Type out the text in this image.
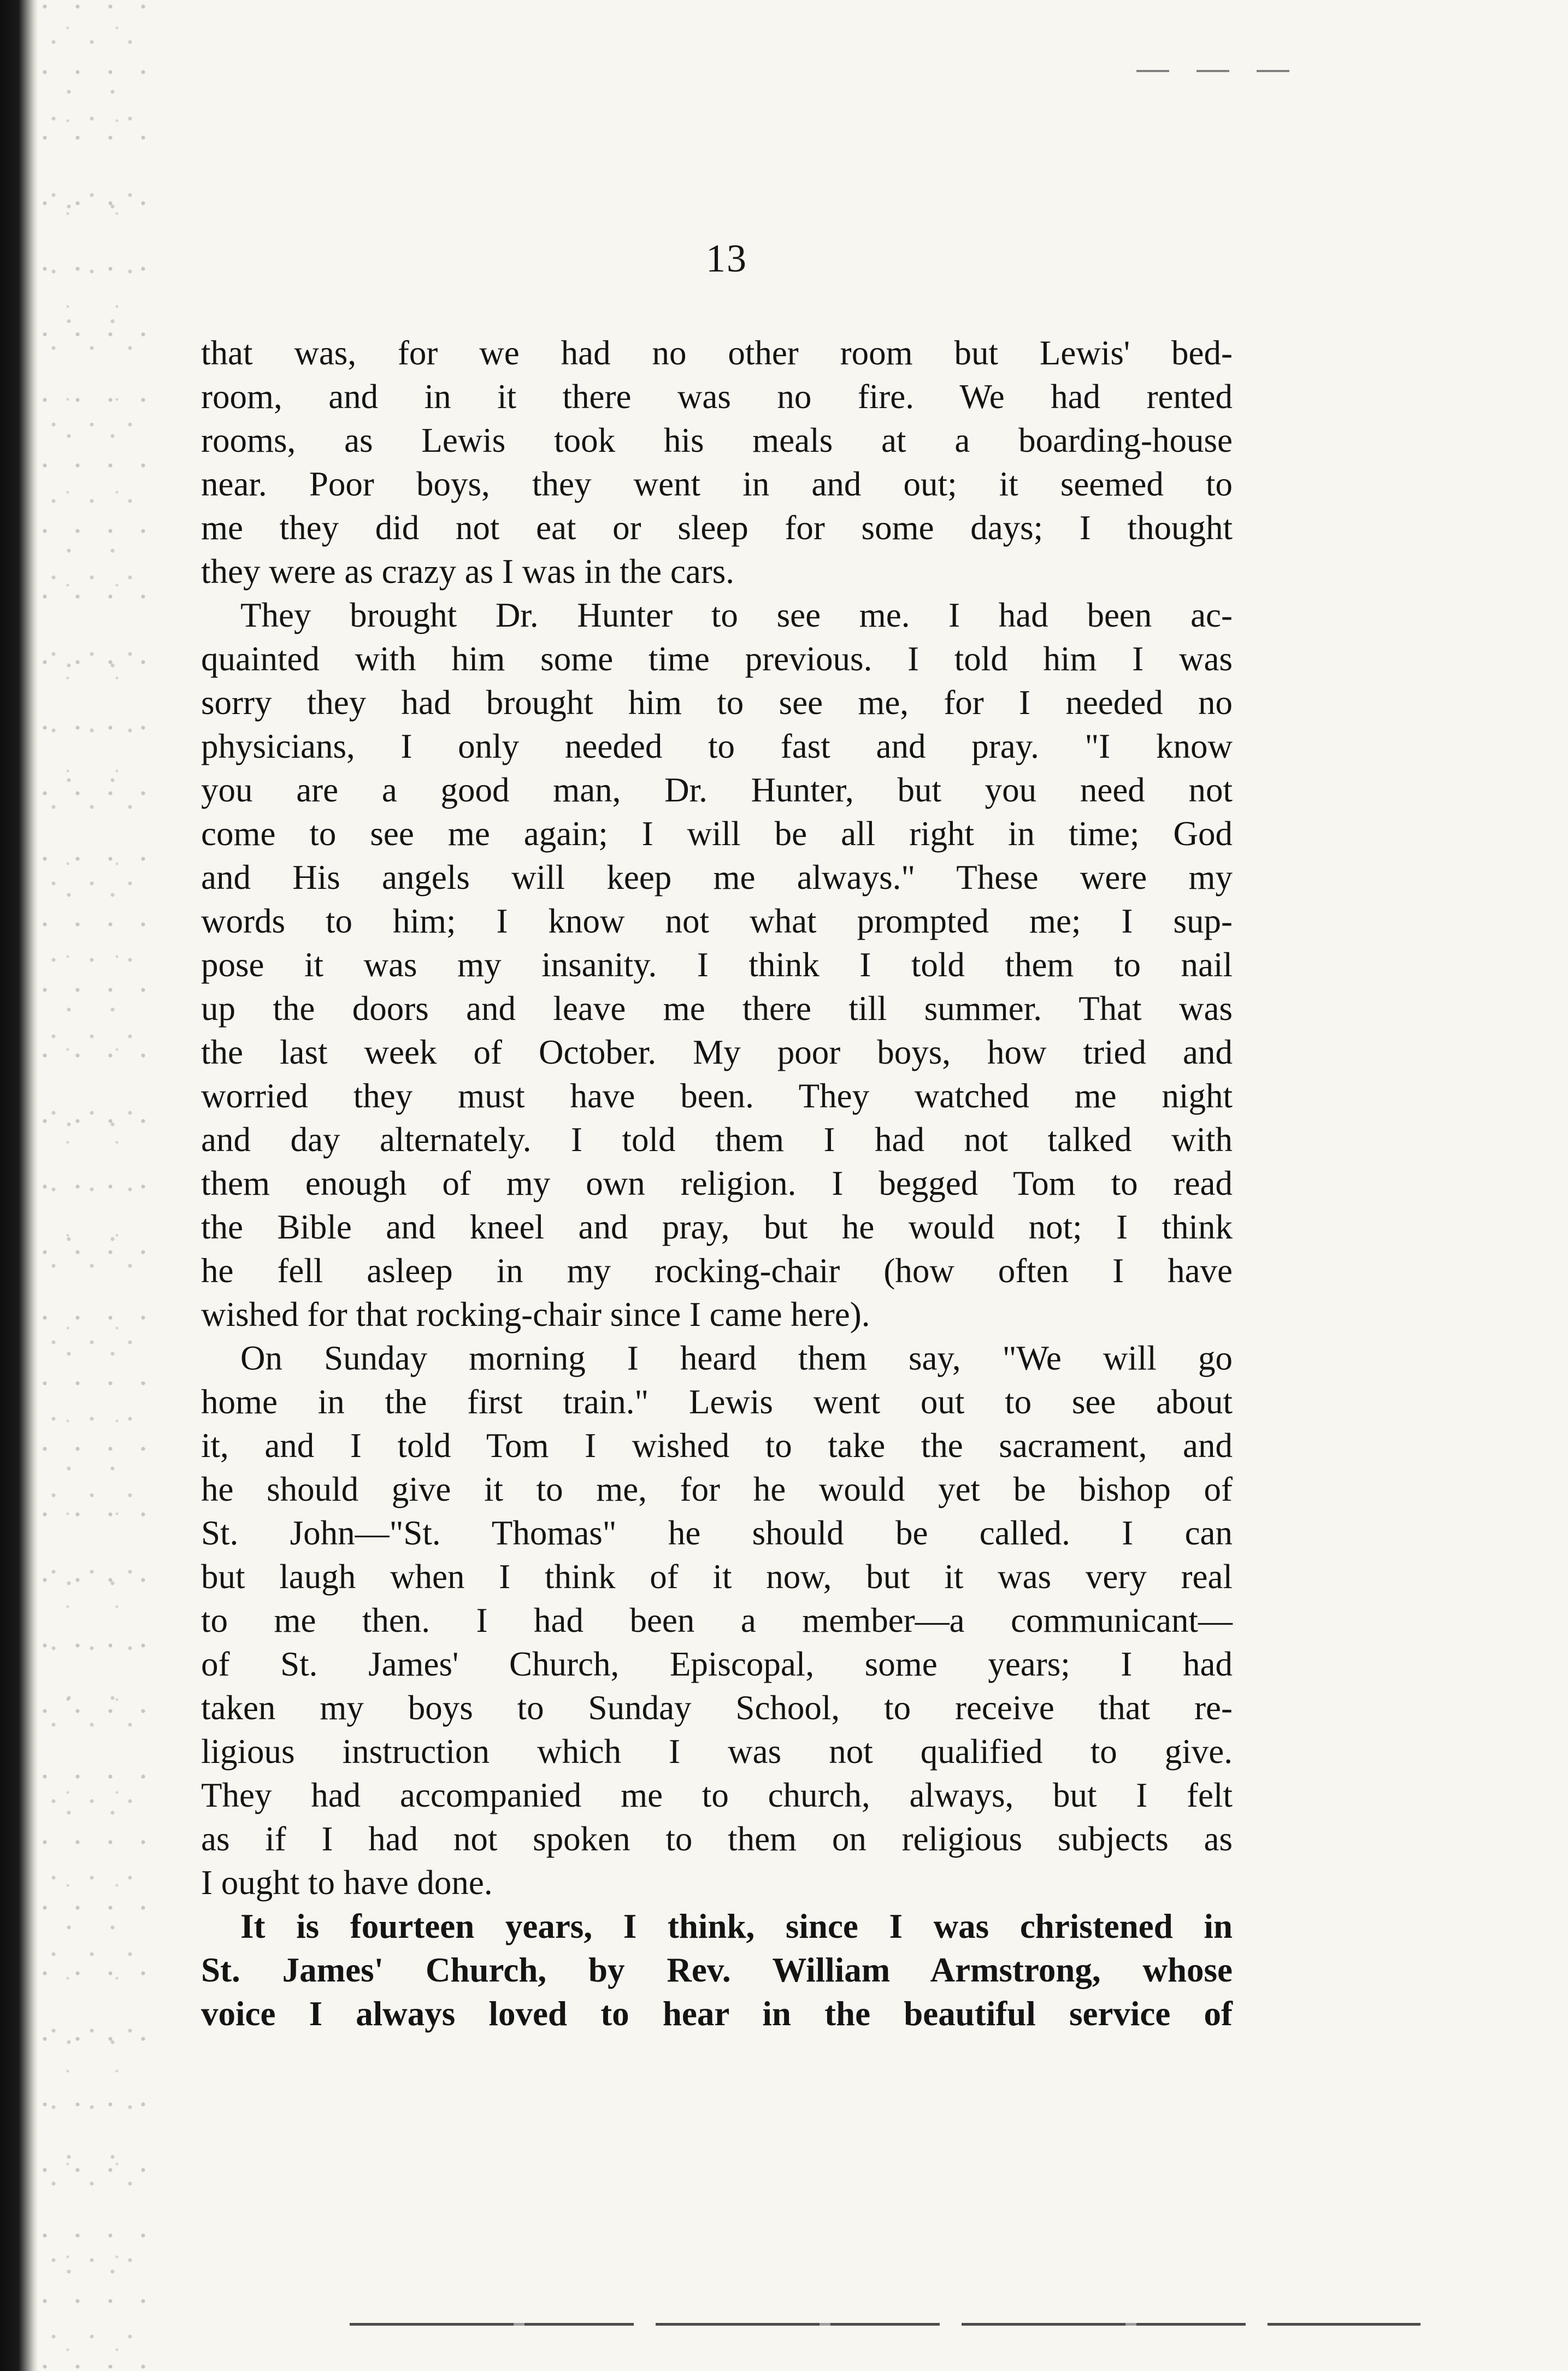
13
that was, for we had no other room but Lewis' bed-
room, and in it there was no fire. We had rented
rooms, as Lewis took his meals at a boarding-house
near. Poor boys, they went in and out; it seemed to
me they did not eat or sleep for some days; I thought
they were as crazy as I was in the cars.
They brought Dr. Hunter to see me. I had been ac-
quainted with him some time previous. I told him I was
sorry they had brought him to see me, for I needed no
physicians, I only needed to fast and pray. "I know
you are a good man, Dr. Hunter, but you need not
come to see me again; I will be all right in time; God
and His angels will keep me always." These were my
words to him; I know not what prompted me; I sup-
pose it was my insanity. I think I told them to nail
up the doors and leave me there till summer. That was
the last week of October. My poor boys, how tried and
worried they must have been. They watched me night
and day alternately. I told them I had not talked with
them enough of my own religion. I begged Tom to read
the Bible and kneel and pray, but he would not; I think
he fell asleep in my rocking-chair (how often I have
wished for that rocking-chair since I came here).
On Sunday morning I heard them say, "We will go
home in the first train." Lewis went out to see about
it, and I told Tom I wished to take the sacrament, and
he should give it to me, for he would yet be bishop of
St. John—"St. Thomas" he should be called. I can
but laugh when I think of it now, but it was very real
to me then. I had been a member—a communicant—
of St. James' Church, Episcopal, some years; I had
taken my boys to Sunday School, to receive that re-
ligious instruction which I was not qualified to give.
They had accompanied me to church, always, but I felt
as if I had not spoken to them on religious subjects as
I ought to have done.
It is fourteen years, I think, since I was christened in
St. James' Church, by Rev. William Armstrong, whose
voice I always loved to hear in the beautiful service of
